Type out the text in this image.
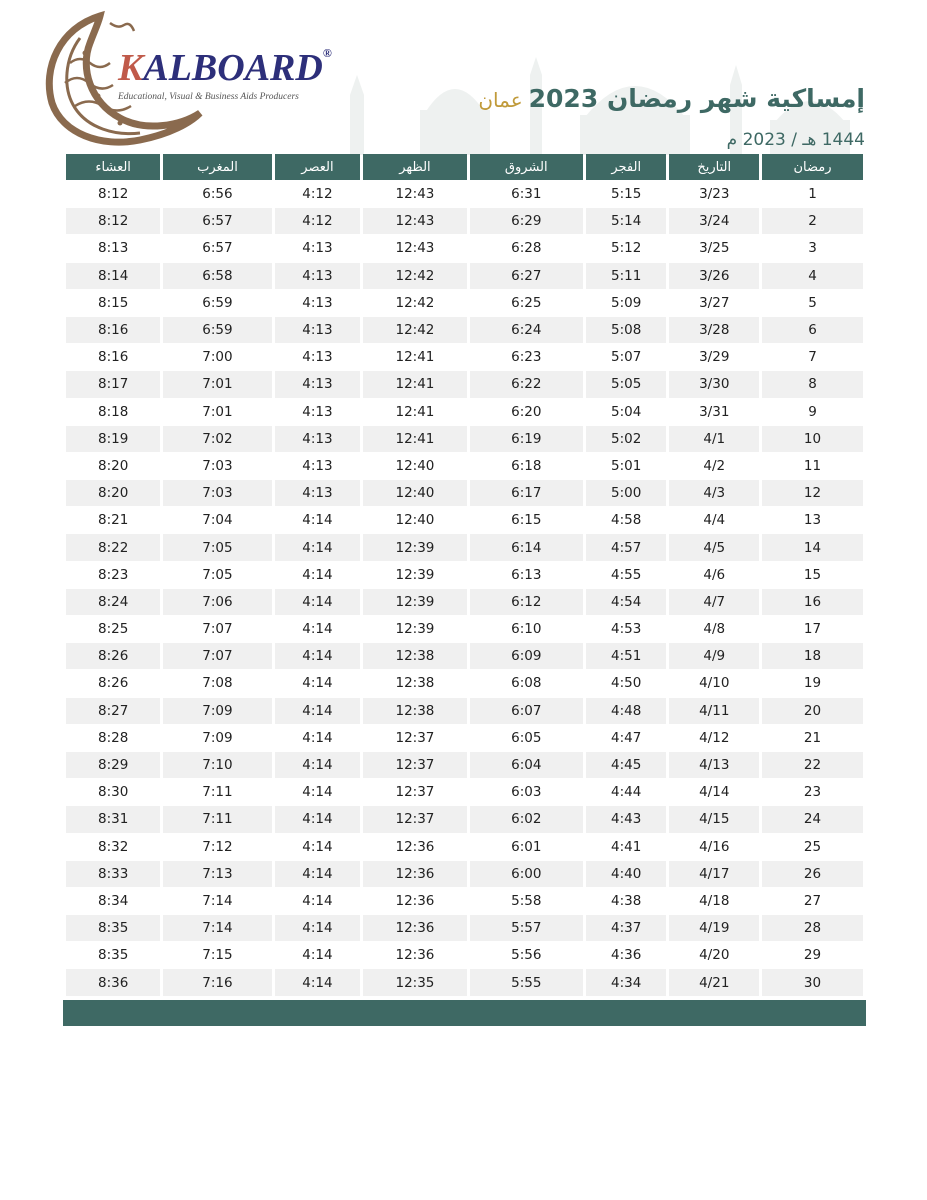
KALBOARD®
Educational, Visual & Business Aids Producers	إمساكية شهر رمضان 2023عمان
1444 هـ / 2023 م
رمضان	التاريخ	الفجر	الشروق	الظهر	العصر	المغرب	العشاء
1	3/23	5:15	6:31	12:43	4:12	6:56	8:12
2	3/24	5:14	6:29	12:43	4:12	6:57	8:12
3	3/25	5:12	6:28	12:43	4:13	6:57	8:13
4	3/26	5:11	6:27	12:42	4:13	6:58	8:14
5	3/27	5:09	6:25	12:42	4:13	6:59	8:15
6	3/28	5:08	6:24	12:42	4:13	6:59	8:16
7	3/29	5:07	6:23	12:41	4:13	7:00	8:16
8	3/30	5:05	6:22	12:41	4:13	7:01	8:17
9	3/31	5:04	6:20	12:41	4:13	7:01	8:18
10	4/1	5:02	6:19	12:41	4:13	7:02	8:19
11	4/2	5:01	6:18	12:40	4:13	7:03	8:20
12	4/3	5:00	6:17	12:40	4:13	7:03	8:20
13	4/4	4:58	6:15	12:40	4:14	7:04	8:21
14	4/5	4:57	6:14	12:39	4:14	7:05	8:22
15	4/6	4:55	6:13	12:39	4:14	7:05	8:23
16	4/7	4:54	6:12	12:39	4:14	7:06	8:24
17	4/8	4:53	6:10	12:39	4:14	7:07	8:25
18	4/9	4:51	6:09	12:38	4:14	7:07	8:26
19	4/10	4:50	6:08	12:38	4:14	7:08	8:26
20	4/11	4:48	6:07	12:38	4:14	7:09	8:27
21	4/12	4:47	6:05	12:37	4:14	7:09	8:28
22	4/13	4:45	6:04	12:37	4:14	7:10	8:29
23	4/14	4:44	6:03	12:37	4:14	7:11	8:30
24	4/15	4:43	6:02	12:37	4:14	7:11	8:31
25	4/16	4:41	6:01	12:36	4:14	7:12	8:32
26	4/17	4:40	6:00	12:36	4:14	7:13	8:33
27	4/18	4:38	5:58	12:36	4:14	7:14	8:34
28	4/19	4:37	5:57	12:36	4:14	7:14	8:35
29	4/20	4:36	5:56	12:36	4:14	7:15	8:35
30	4/21	4:34	5:55	12:35	4:14	7:16	8:36
